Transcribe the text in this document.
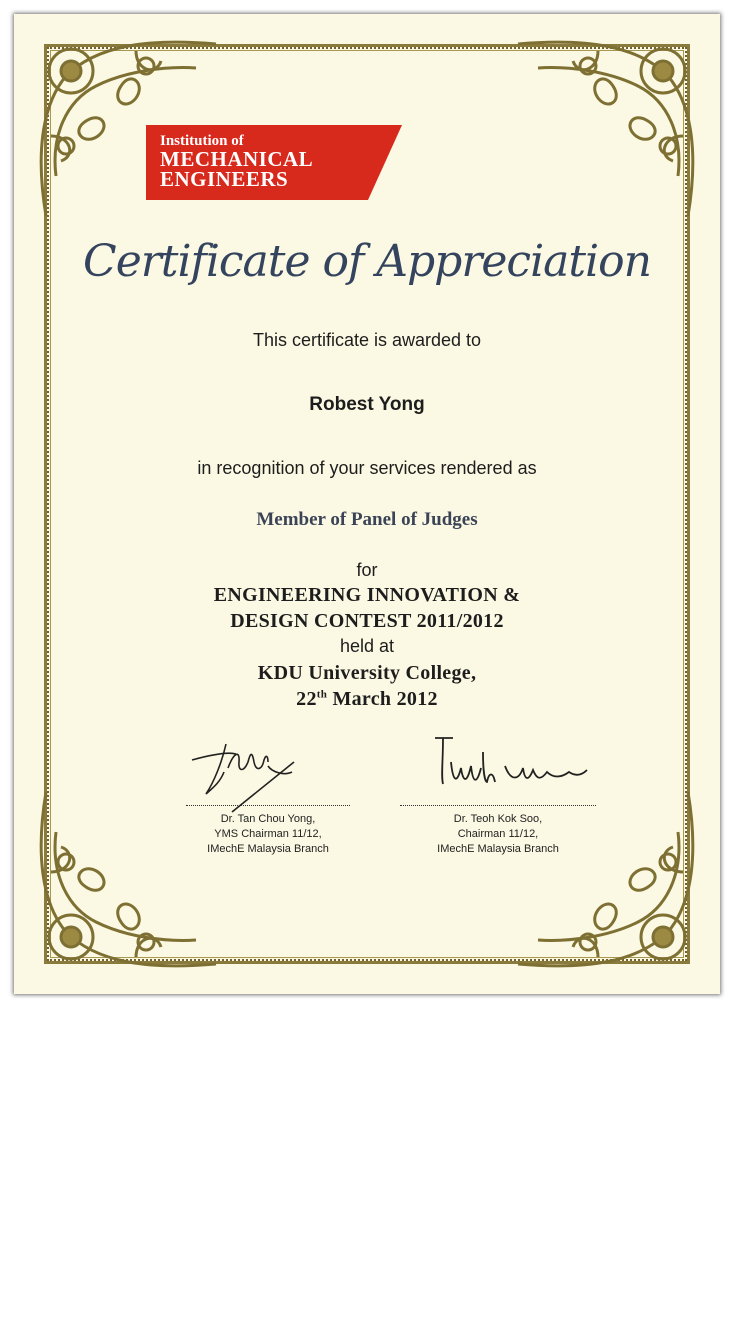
Institution of
MECHANICAL
ENGINEERS
Certificate of Appreciation
This certificate is awarded to
Robest Yong
in recognition of your services rendered as
Member of Panel of Judges
for
ENGINEERING INNOVATION &
DESIGN CONTEST 2011/2012
held at
KDU University College,
22th March 2012
Dr. Tan Chou Yong,
YMS Chairman 11/12,
IMechE Malaysia Branch
Dr. Teoh Kok Soo,
Chairman 11/12,
IMechE Malaysia Branch
